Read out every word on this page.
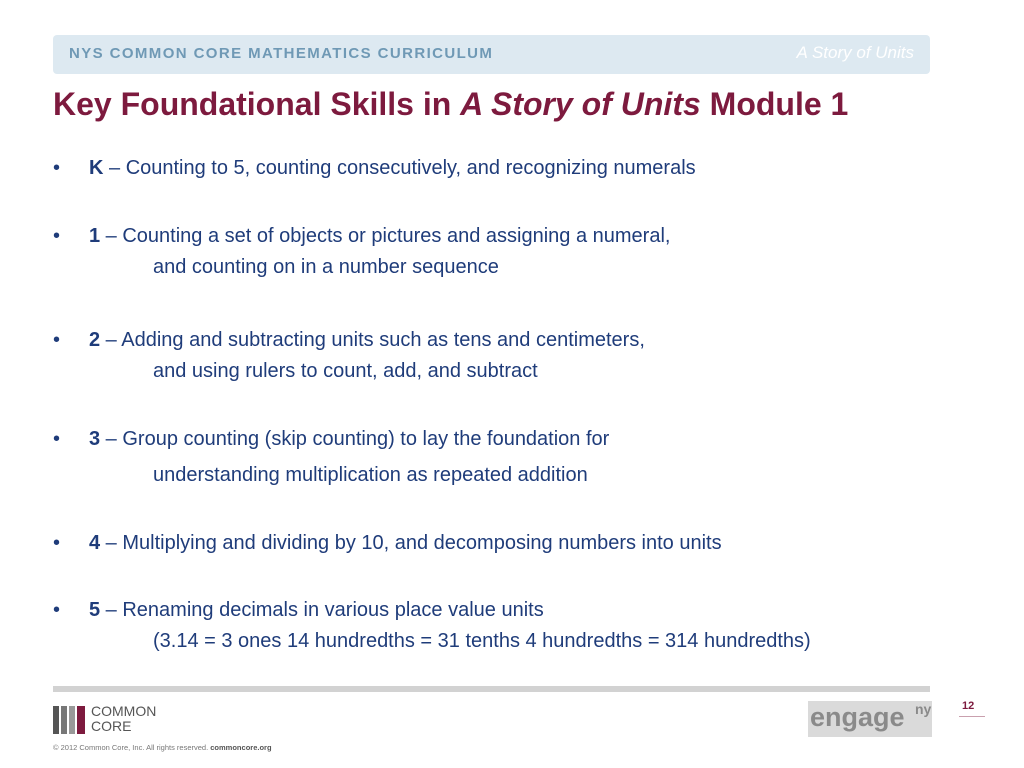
NYS COMMON CORE MATHEMATICS CURRICULUM	A Story of Units
Key Foundational Skills in A Story of Units Module 1
• K – Counting to 5, counting consecutively, and recognizing numerals
• 1 – Counting a set of objects or pictures and assigning a numeral,
and counting on in a number sequence
• 2 – Adding and subtracting units such as tens and centimeters,
and using rulers to count, add, and subtract
• 3 – Group counting (skip counting) to lay the foundation for
understanding multiplication as repeated addition
• 4 – Multiplying and dividing by 10, and decomposing numbers into units
• 5 – Renaming decimals in various place value units
(3.14 = 3 ones 14 hundredths = 31 tenths 4 hundredths = 314 hundredths)
COMMON
CORE
© 2012 Common Core, Inc. All rights reserved. commoncore.org
engage ny	12
